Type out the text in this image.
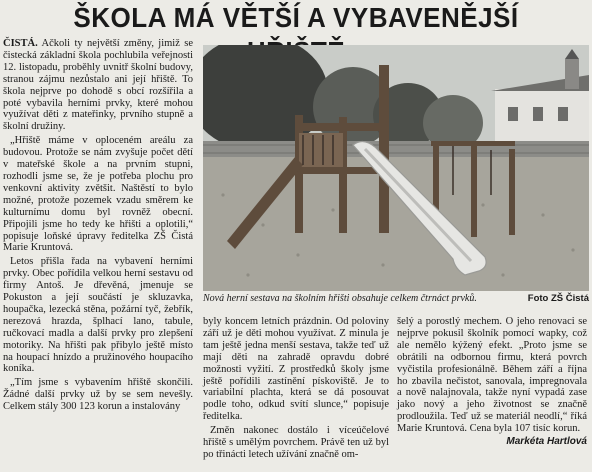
ŠKOLA MÁ VĚTŠÍ A VYBAVENĚJŠÍ

ČISTÁ. Ačkoli ty největší změny, jimiž se čistecká základní škola pochlubila veřejnosti 12. listopadu, proběhly uvnitř školní budovy, stranou zájmu nezůstalo ani její hřiště. To škola nejprve po dohodě s obcí rozšířila a poté vybavila herními prvky, které mohou využívat děti z mateřinky, prvního stupně a školní družiny.

„Hřiště máme v oploceném areálu za budovou. Protože se nám zvyšuje počet dětí v mateřské škole a na prvním stupni, rozhodli jsme se, že je potřeba plochu pro venkovní aktivity zvětšit. Naštěstí to bylo možné, protože pozemek vzadu směrem ke kulturnímu domu byl rovněž obecní. Připojili jsme ho tedy ke hřišti a oplotili,“ popisuje loňské úpravy ředitelka ZŠ Čistá Marie Kruntová.

Letos přišla řada na vybavení herními prvky. Obec pořídila velkou herní sestavu od firmy Antoš. Je dřevěná, jmenuje se Pokuston a její součástí je skluzavka, houpačka, lezecká stěna, požární tyč, žebřík, nerezová hrazda, šplhací lano, tabule, ručkovací madla a další prvky pro zlepšení motoriky. Na hřišti pak přibylo ještě místo na houpací hnízdo a pružinového houpacího koníka.

„Tím jsme s vybavením hřiště skončili. Žádné další prvky už by se sem nevešly. Celkem stály 300 123 korun a instalovány

Nová herní sestava na školním hřišti obsahuje celkem čtrnáct prvků.	Foto ZŠ Čistá

byly koncem letních prázdnin. Od poloviny září už je děti mohou využívat. Z minula je tam ještě jedna menší sestava, takže teď už mají děti na zahradě opravdu dobré možnosti vyžití. Z prostředků školy jsme ještě pořídili zastínění pískoviště. Je to variabilní plachta, která se dá posouvat podle toho, odkud svítí slunce,“ popisuje ředitelka.

Změn nakonec dostálo i víceúčelové hřiště s umělým povrchem. Právě ten už byl po třinácti letech užívání značně om-

šelý a porostlý mechem. O jeho renovaci se nejprve pokusil školník pomocí wapky, což ale nemělo kýžený efekt. „Proto jsme se obrátili na odbornou firmu, která povrch vyčistila profesionálně. Během září a října ho zbavila nečistot, sanovala, impregnovala a nově nalajnovala, takže nyní vypadá zase jako nový a jeho životnost se značně prodloužila. Teď už se materiál neodlí,“ říká Marie Kruntová. Cena byla 107 tisíc korun.

Markéta Hartlová
